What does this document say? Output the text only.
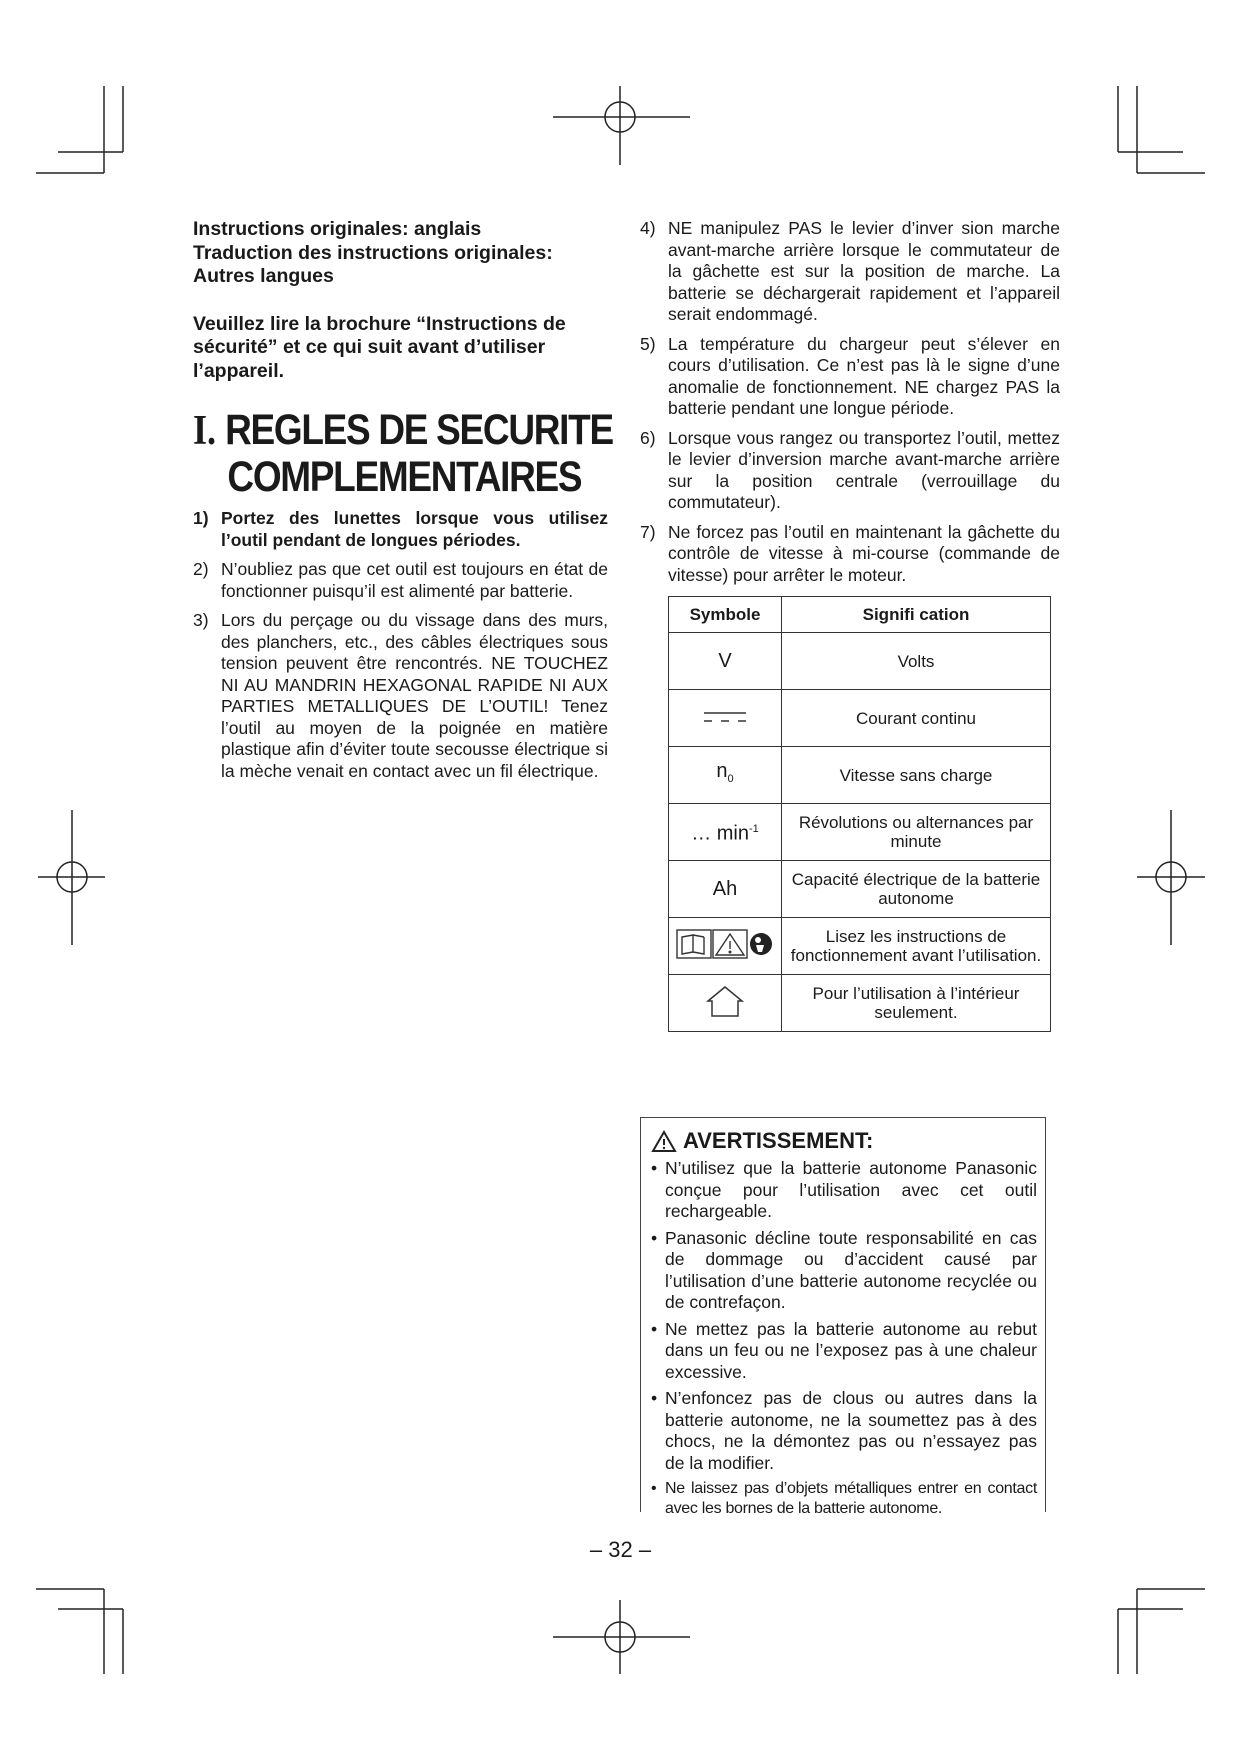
Instructions originales: anglais
Traduction des instructions originales:
Autres langues
Veuillez lire la brochure “Instructions de
sécurité” et ce qui suit avant d’utiliser
l’appareil.
I. REGLES DE SECURITE
COMPLEMENTAIRES
1) Portez des lunettes lorsque vous utilisez l’outil pendant de longues périodes.
2) N’oubliez pas que cet outil est toujours en état de fonctionner puisqu’il est alimenté par batterie.
3) Lors du perçage ou du vissage dans des murs, des planchers, etc., des câbles électriques sous tension peuvent être rencontrés. NE TOUCHEZ NI AU MANDRIN HEXAGONAL RAPIDE NI AUX PARTIES METALLIQUES DE L’OUTIL! Tenez l’outil au moyen de la poignée en matière plastique afin d’éviter toute secousse électrique si la mèche venait en contact avec un fil électrique.
4) NE manipulez PAS le levier d’inver sion marche avant-marche arrière lorsque le commutateur de la gâchette est sur la position de marche. La batterie se déchargerait rapidement et l’appareil serait endommagé.
5) La température du chargeur peut s’élever en cours d’utilisation. Ce n’est pas là le signe d’une anomalie de fonctionnement. NE chargez PAS la batterie pendant une longue période.
6) Lorsque vous rangez ou transportez l’outil, mettez le levier d’inversion marche avant-marche arrière sur la position centrale (verrouillage du commutateur).
7) Ne forcez pas l’outil en maintenant la gâchette du contrôle de vitesse à mi-course (commande de vitesse) pour arrêter le moteur.
Symbole	Signifi cation
V	Volts
	Courant continu
$n_0$	Vitesse sans charge
… $\min^{-1}$	Révolutions ou alternances par minute
Ah	Capacité électrique de la batterie autonome
	Lisez les instructions de fonctionnement avant l’utilisation.
	Pour l’utilisation à l’intérieur seulement.
AVERTISSEMENT:
• N’utilisez que la batterie autonome Panasonic conçue pour l’utilisation avec cet outil rechargeable.
• Panasonic décline toute responsabilité en cas de dommage ou d’accident causé par l’utilisation d’une batterie autonome recyclée ou de contrefaçon.
• Ne mettez pas la batterie autonome au rebut dans un feu ou ne l’exposez pas à une chaleur excessive.
• N’enfoncez pas de clous ou autres dans la batterie autonome, ne la soumettez pas à des chocs, ne la démontez pas ou n’essayez pas de la modifier.
• Ne laissez pas d’objets métalliques entrer en contact avec les bornes de la batterie autonome.
– 32 –
